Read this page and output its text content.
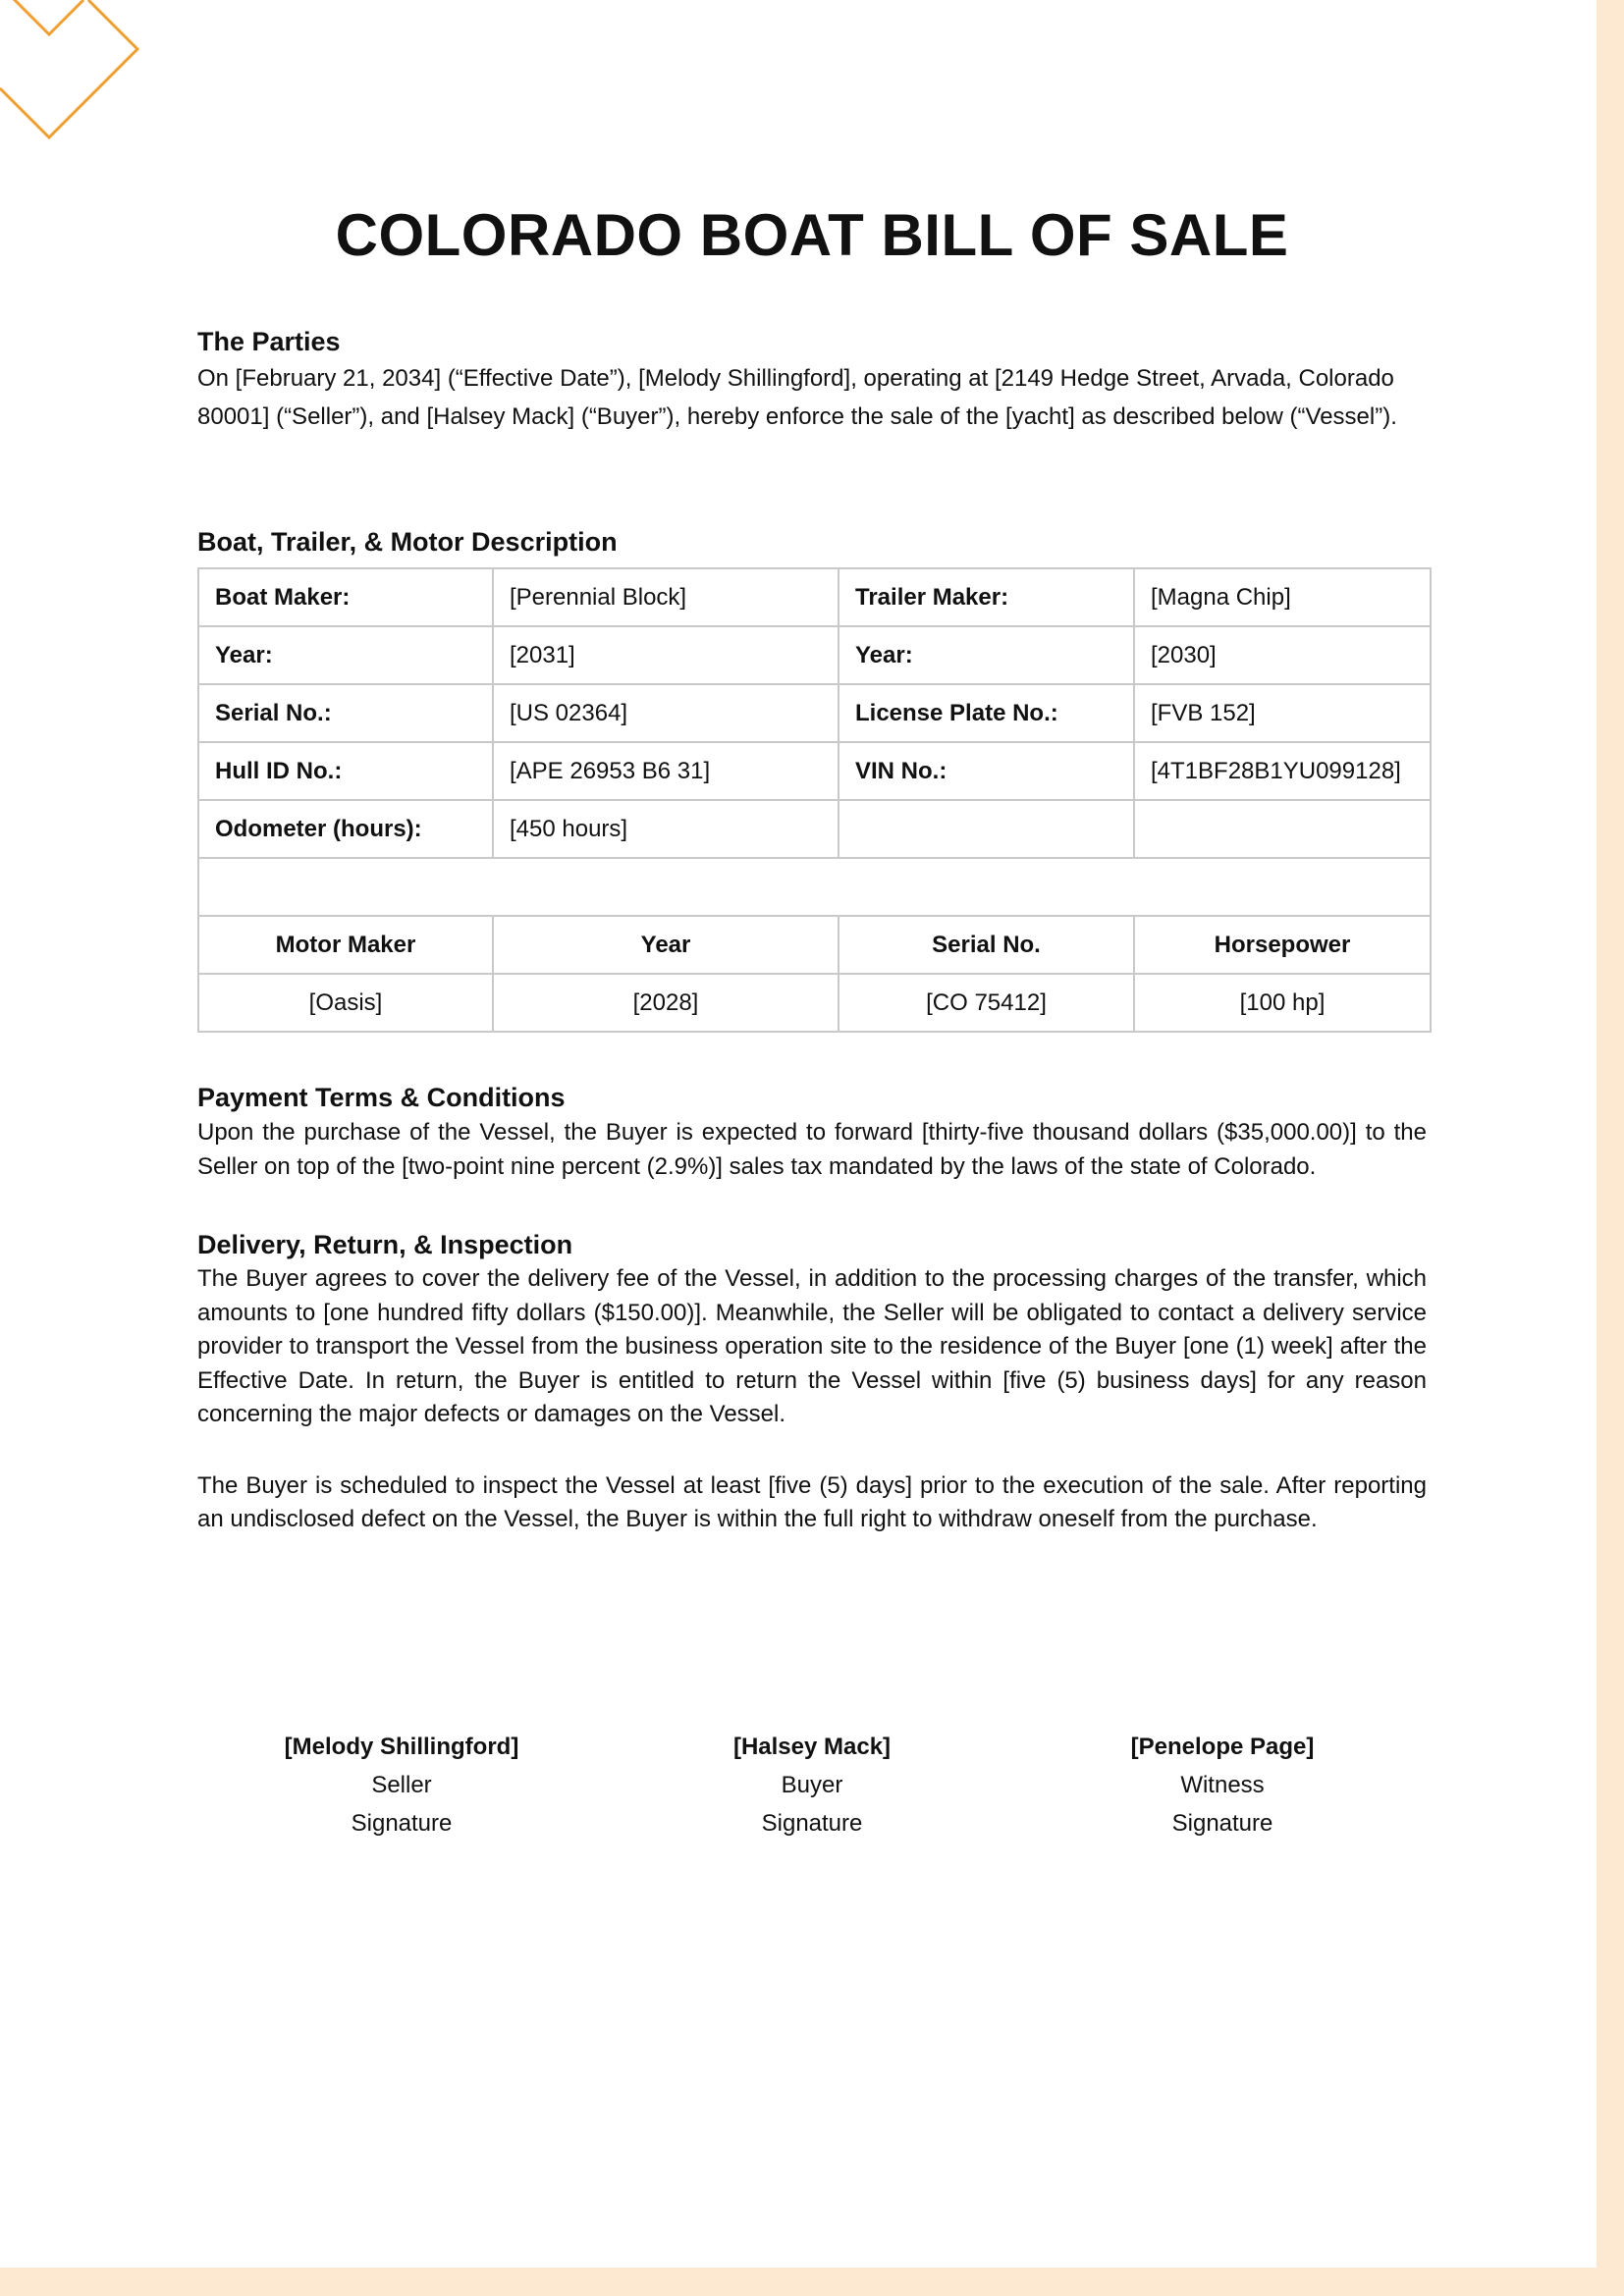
COLORADO BOAT BILL OF SALE
The Parties

On [February 21, 2034] (“Effective Date”), [Melody Shillingford], operating at [2149 Hedge Street, Arvada, Colorado 80001] (“Seller”), and [Halsey Mack] (“Buyer”), hereby enforce the sale of the [yacht] as described below (“Vessel”).

Boat, Trailer, & Motor Description
Boat Maker:	[Perennial Block]	Trailer Maker:	[Magna Chip]
Year:	[2031]	Year:	[2030]
Serial No.:	[US 02364]	License Plate No.:	[FVB 152]
Hull ID No.:	[APE 26953 B6 31]	VIN No.:	[4T1BF28B1YU099128]
Odometer (hours):	[450 hours]		

Motor Maker	Year	Serial No.	Horsepower
[Oasis]	[2028]	[CO 75412]	[100 hp]
Payment Terms & Conditions

Upon the purchase of the Vessel, the Buyer is expected to forward [thirty-five thousand dollars ($35,000.00)] to the Seller on top of the [two-point nine percent (2.9%)] sales tax mandated by the laws of the state of Colorado.

Delivery, Return, & Inspection

The Buyer agrees to cover the delivery fee of the Vessel, in addition to the processing charges of the transfer, which amounts to [one hundred fifty dollars ($150.00)]. Meanwhile, the Seller will be obligated to contact a delivery service provider to transport the Vessel from the business operation site to the residence of the Buyer [one (1) week] after the Effective Date. In return, the Buyer is entitled to return the Vessel within [five (5) business days] for any reason concerning the major defects or damages on the Vessel.

The Buyer is scheduled to inspect the Vessel at least [five (5) days] prior to the execution of the sale. After reporting an undisclosed defect on the Vessel, the Buyer is within the full right to withdraw oneself from the purchase.

[Melody Shillingford]
Seller
Signature
[Halsey Mack]
Buyer
Signature
[Penelope Page]
Witness
Signature
